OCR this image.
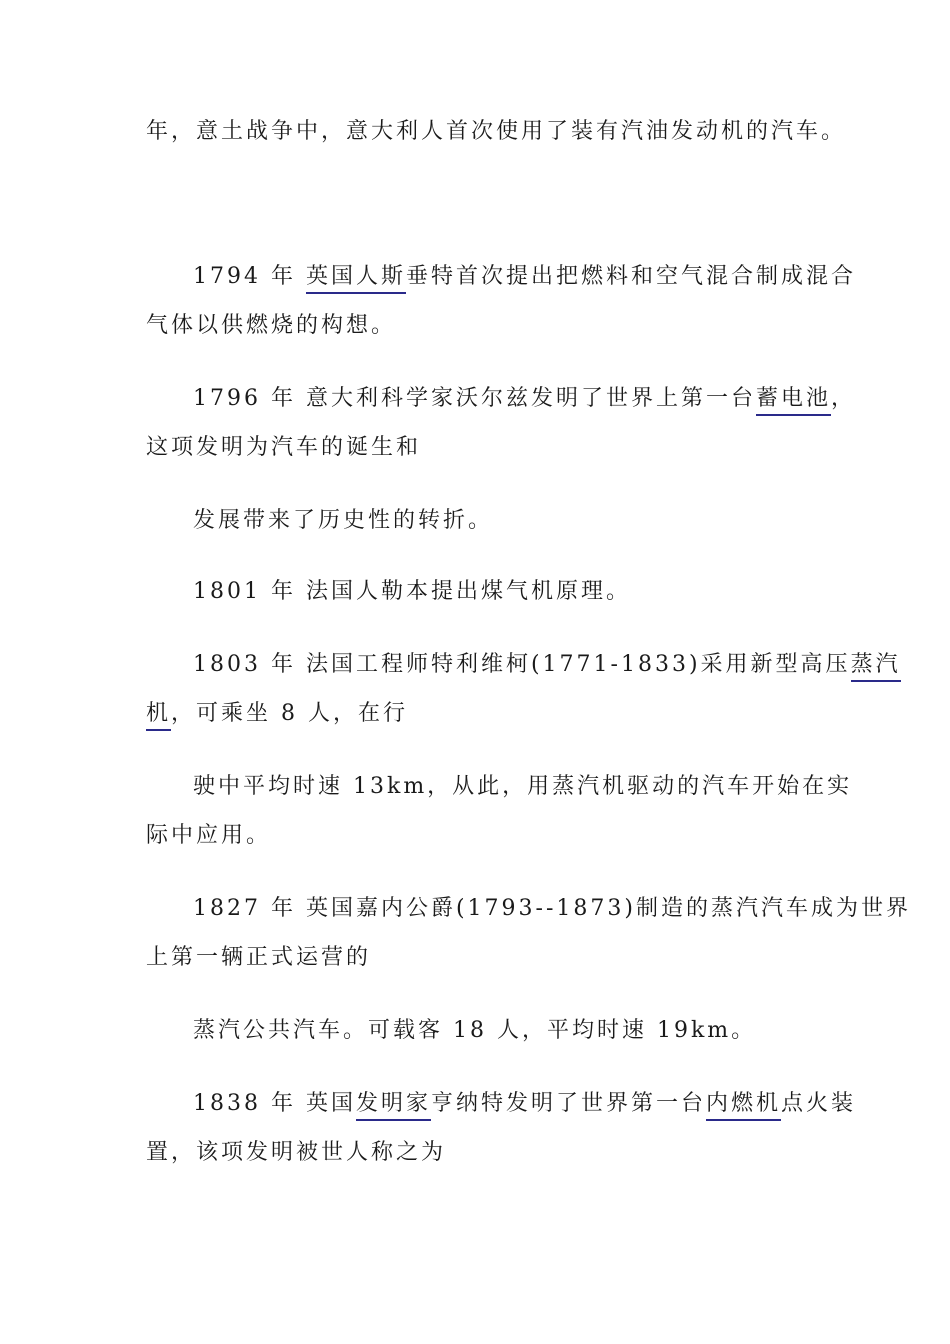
年，意土战争中，意大利人首次使用了装有汽油发动机的汽车。
1794 年 英国人斯垂特首次提出把燃料和空气混合制成混合
气体以供燃烧的构想。
1796 年 意大利科学家沃尔兹发明了世界上第一台蓄电池，
这项发明为汽车的诞生和
发展带来了历史性的转折。
1801 年 法国人勒本提出煤气机原理。
1803 年 法国工程师特利维柯(1771-1833)采用新型高压蒸汽
机，可乘坐 8 人，在行
驶中平均时速 13km，从此，用蒸汽机驱动的汽车开始在实
际中应用。
1827 年 英国嘉内公爵(1793--1873)制造的蒸汽汽车成为世界
上第一辆正式运营的
蒸汽公共汽车。可载客 18 人，平均时速 19km。
1838 年 英国发明家亨纳特发明了世界第一台内燃机点火装
置，该项发明被世人称之为
